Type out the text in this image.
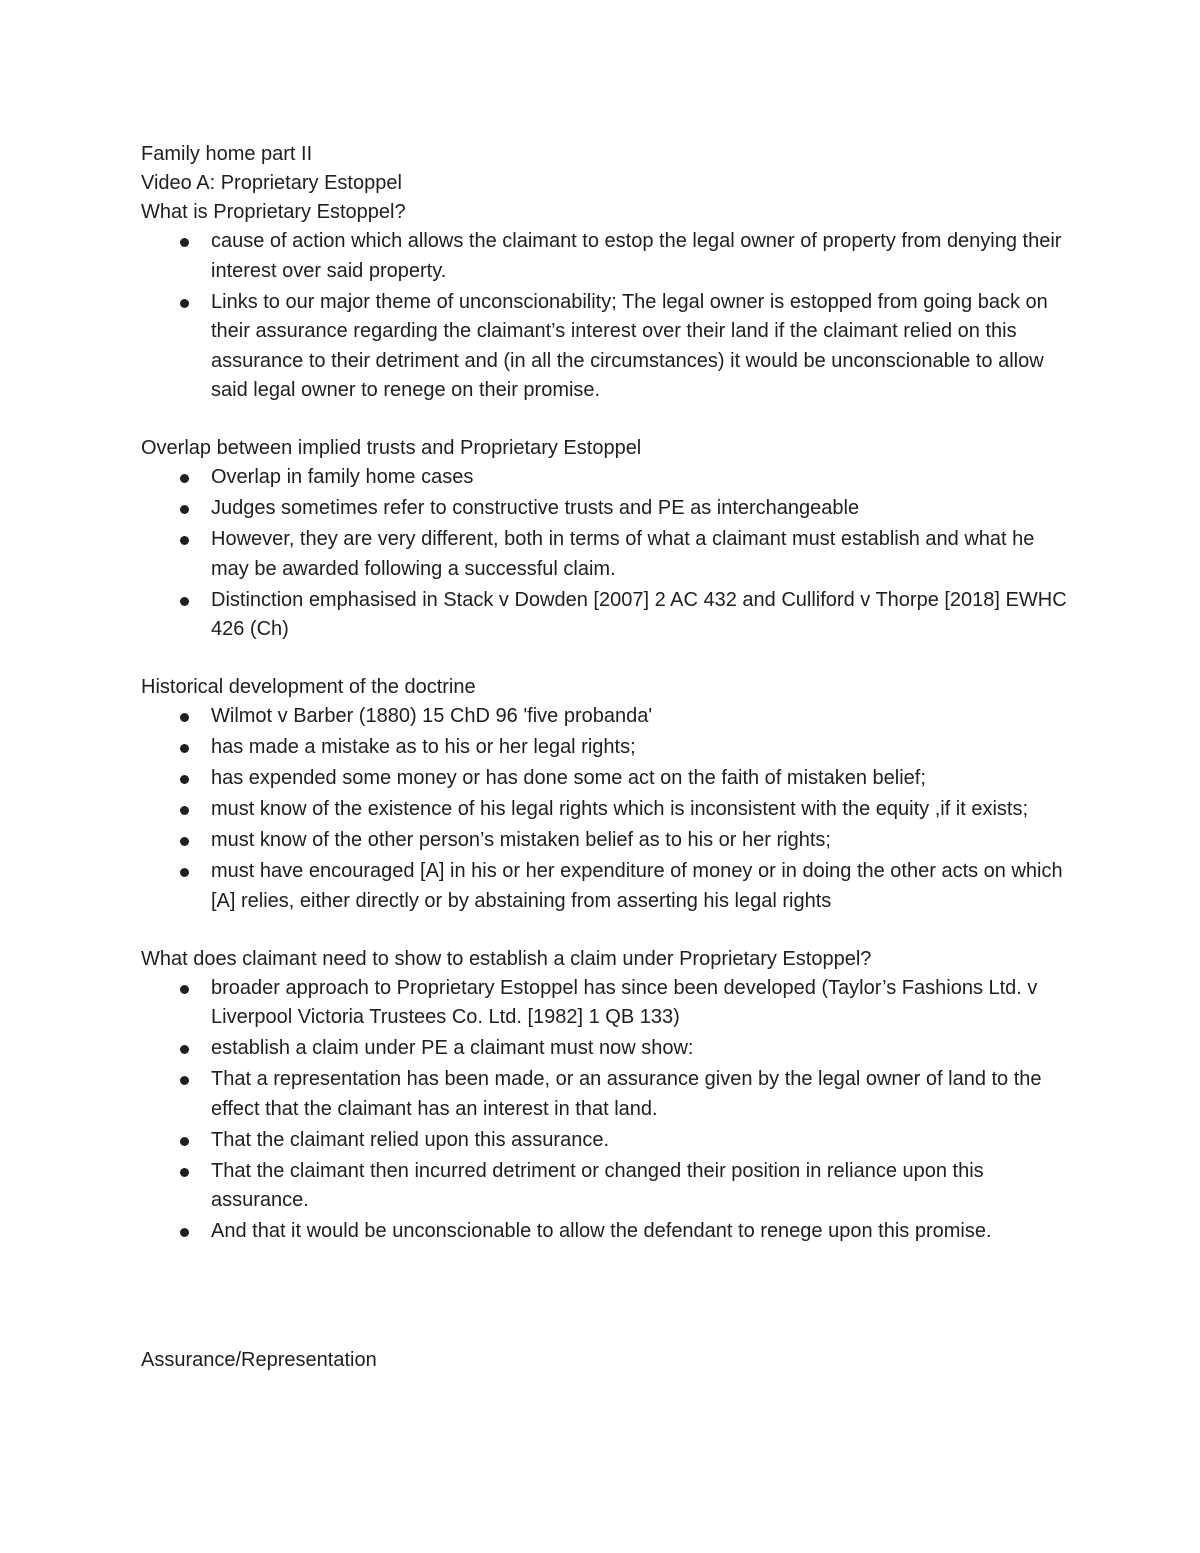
Family home part II

Video A: Proprietary Estoppel

What is Proprietary Estoppel?

cause of action which allows the claimant to estop the legal owner of property from denying their interest over said property.
Links to our major theme of unconscionability; The legal owner is estopped from going back on their assurance regarding the claimant’s interest over their land if the claimant relied on this assurance to their detriment and (in all the circumstances) it would be unconscionable to allow said legal owner to renege on their promise.

Overlap between implied trusts and Proprietary Estoppel

Overlap in family home cases
Judges sometimes refer to constructive trusts and PE as interchangeable
However, they are very different, both in terms of what a claimant must establish and what he may be awarded following a successful claim.
Distinction emphasised in Stack v Dowden [2007] 2 AC 432 and Culliford v Thorpe [2018] EWHC 426 (Ch)

Historical development of the doctrine

Wilmot v Barber (1880) 15 ChD 96 'five probanda'
has made a mistake as to his or her legal rights;
has expended some money or has done some act on the faith of mistaken belief;
must know of the existence of his legal rights which is inconsistent with the equity ,if it exists;
must know of the other person’s mistaken belief as to his or her rights;
must have encouraged [A] in his or her expenditure of money or in doing the other acts on which [A] relies, either directly or by abstaining from asserting his legal rights

What does claimant need to show to establish a claim under Proprietary Estoppel?

broader approach to Proprietary Estoppel has since been developed (Taylor’s Fashions Ltd. v Liverpool Victoria Trustees Co. Ltd. [1982] 1 QB 133)
establish a claim under PE a claimant must now show:
That a representation has been made, or an assurance given by the legal owner of land to the effect that the claimant has an interest in that land.
That the claimant relied upon this assurance.
That the claimant then incurred detriment or changed their position in reliance upon this assurance.
And that it would be unconscionable to allow the defendant to renege upon this promise.

Assurance/Representation
